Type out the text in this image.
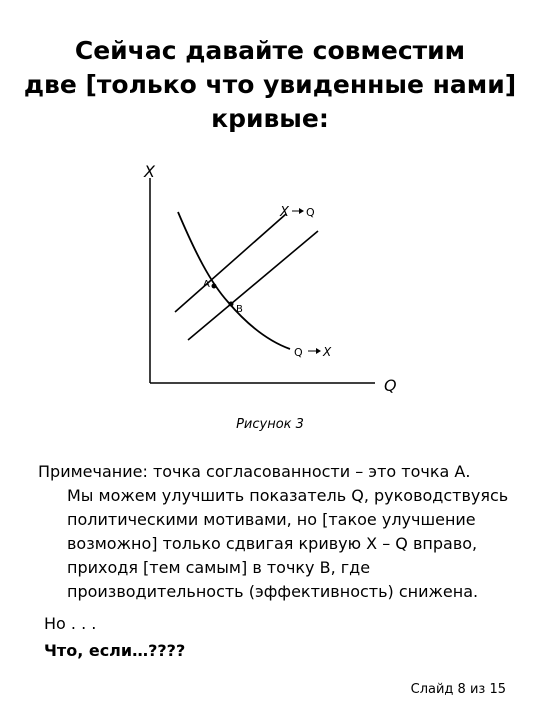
Сейчас давайте совместим
две [только что увиденные нами]
кривые:
X
Q
A
B
X Q
Q X
Рисунок 3
Примечание: точка согласованности – это точка А.
Мы можем улучшить показатель Q, руководствуясь
политическими мотивами, но [такое улучшение
возможно] только сдвигая кривую X – Q вправо,
приходя [тем самым] в точку В, где
производительность (эффективность) снижена.
Но . . .
Что, если…????
Слайд 8 из 15
